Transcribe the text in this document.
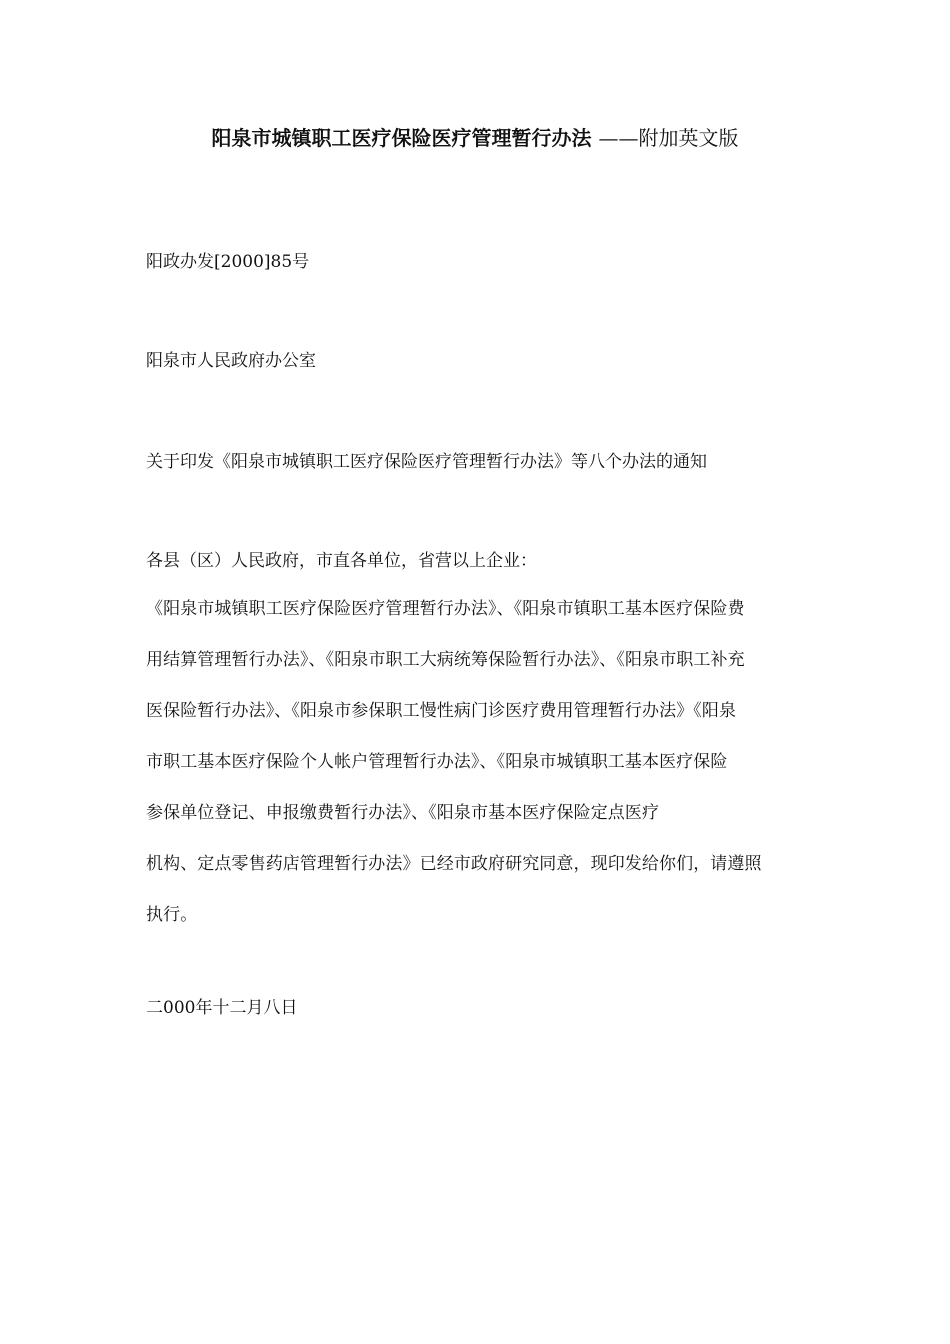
阳泉市城镇职工医疗保险医疗管理暂行办法 ——附加英文版
阳政办发[2000]85号
阳泉市人民政府办公室
关于印发《阳泉市城镇职工医疗保险医疗管理暂行办法》等八个办法的通知
各县（区）人民政府，市直各单位，省营以上企业：
《阳泉市城镇职工医疗保险医疗管理暂行办法》、《阳泉市镇职工基本医疗保险费
用结算管理暂行办法》、《阳泉市职工大病统筹保险暂行办法》、《阳泉市职工补充
医保险暂行办法》、《阳泉市参保职工慢性病门诊医疗费用管理暂行办法》《阳泉
市职工基本医疗保险个人帐户管理暂行办法》、《阳泉市城镇职工基本医疗保险
参保单位登记、申报缴费暂行办法》、《阳泉市基本医疗保险定点医疗
机构、定点零售药店管理暂行办法》已经市政府研究同意，现印发给你们，请遵照
执行。
二000年十二月八日
